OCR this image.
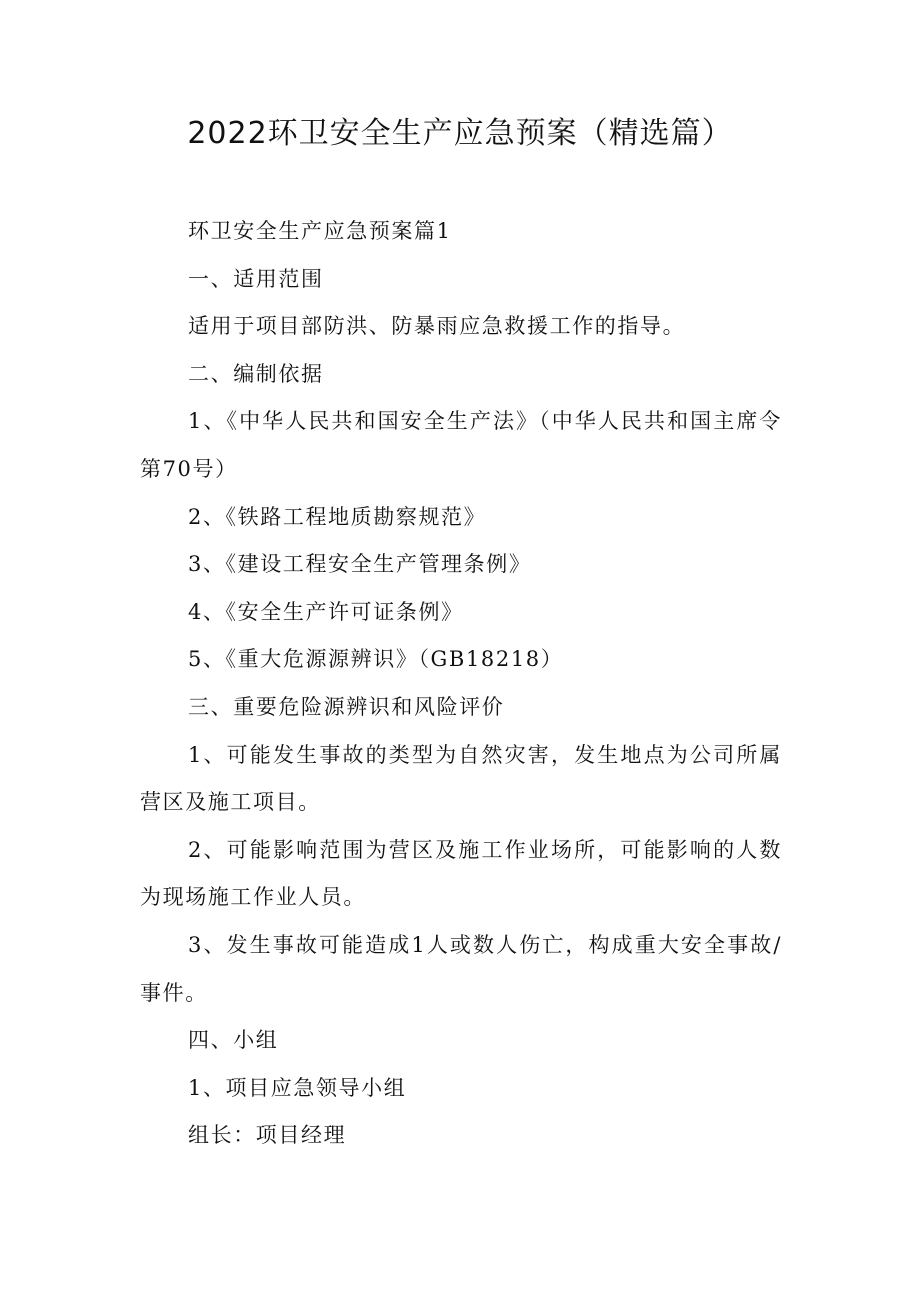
2022环卫安全生产应急预案（精选篇）

环卫安全生产应急预案篇1

一、适用范围

适用于项目部防洪、防暴雨应急救援工作的指导。

二、编制依据

1、《中华人民共和国安全生产法》（中华人民共和国主席令第70号）

2、《铁路工程地质勘察规范》

3、《建设工程安全生产管理条例》

4、《安全生产许可证条例》

5、《重大危源源辨识》（GB18218）

三、重要危险源辨识和风险评价

1、可能发生事故的类型为自然灾害，发生地点为公司所属营区及施工项目。

2、可能影响范围为营区及施工作业场所，可能影响的人数为现场施工作业人员。

3、发生事故可能造成1人或数人伤亡，构成重大安全事故/事件。

四、小组

1、项目应急领导小组

组长：项目经理
